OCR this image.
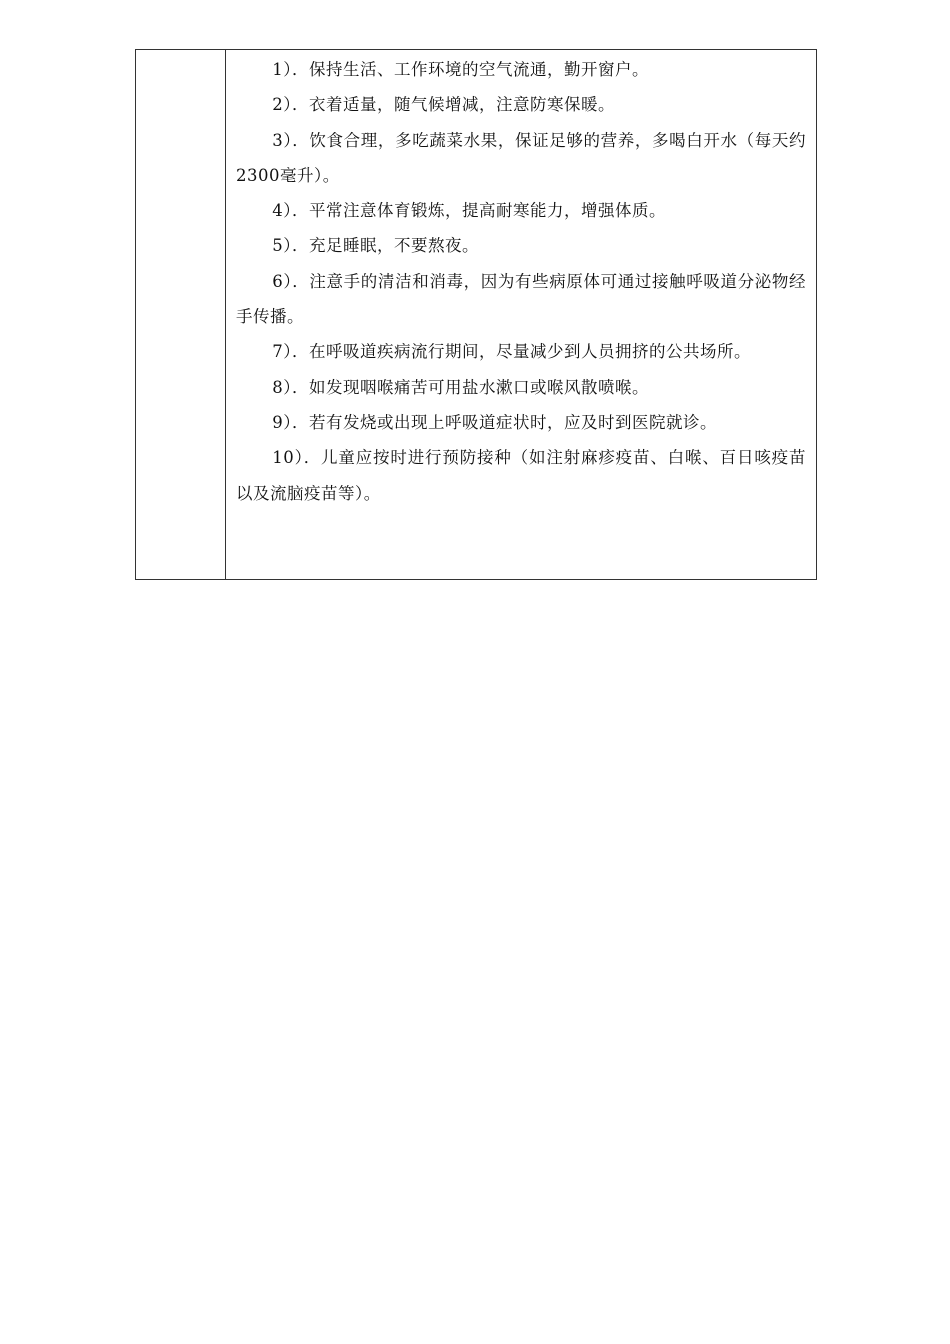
1）．保持生活、工作环境的空气流通，勤开窗户。

2）．衣着适量，随气候增减，注意防寒保暖。

3）．饮食合理，多吃蔬菜水果，保证足够的营养，多喝白开水（每天约2300毫升）。

4）．平常注意体育锻炼，提高耐寒能力，增强体质。

5）．充足睡眠，不要熬夜。

6）．注意手的清洁和消毒，因为有些病原体可通过接触呼吸道分泌物经手传播。

7）．在呼吸道疾病流行期间，尽量减少到人员拥挤的公共场所。

8）．如发现咽喉痛苦可用盐水漱口或喉风散喷喉。

9）．若有发烧或出现上呼吸道症状时，应及时到医院就诊。

10）．儿童应按时进行预防接种（如注射麻疹疫苗、白喉、百日咳疫苗以及流脑疫苗等）。
